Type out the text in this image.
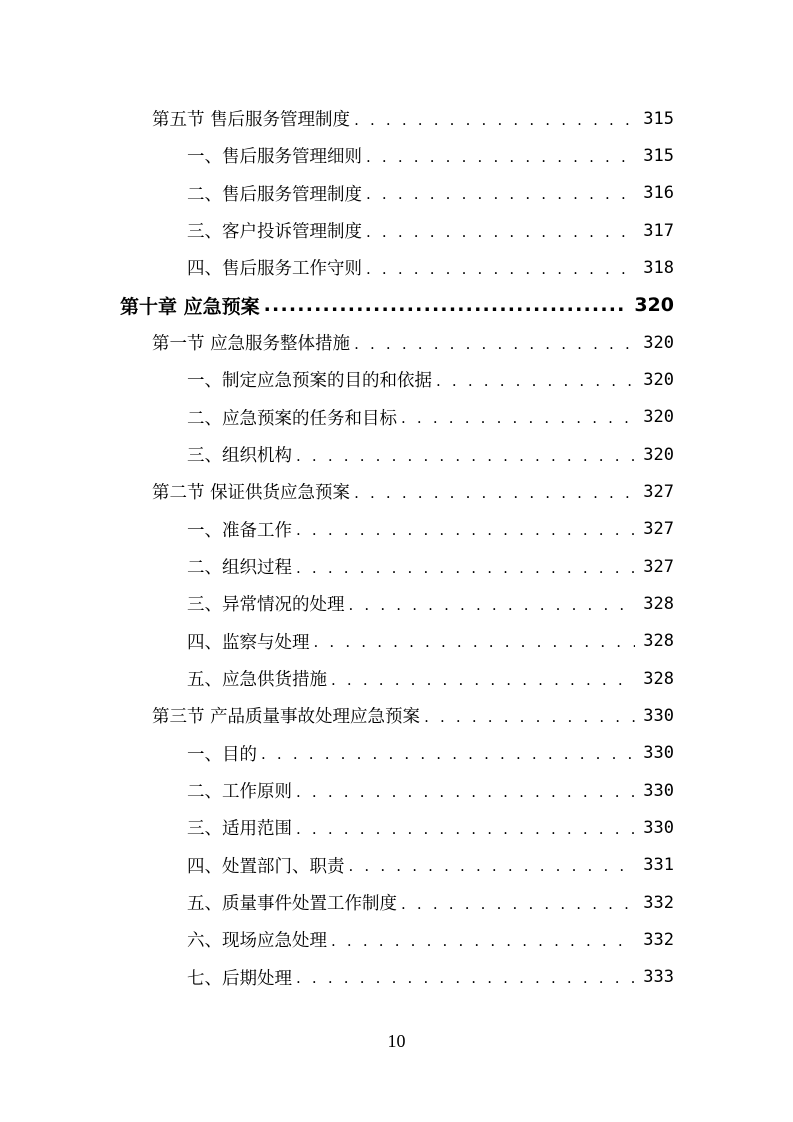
第五节 售后服务管理制度 . . .	315
一、售后服务管理细则 . . .	315
二、售后服务管理制度 . . .	316
三、客户投诉管理制度 . . .	317
四、售后服务工作守则 . . .	318
第十章 应急预案 .....	320
第一节 应急服务整体措施 . . .	320
一、制定应急预案的目的和依据 . . .	320
二、应急预案的任务和目标 . . .	320
三、组织机构 . . .	320
第二节 保证供货应急预案 . . .	327
一、准备工作 . . .	327
二、组织过程 . . .	327
三、异常情况的处理 . . .	328
四、监察与处理 . . .	328
五、应急供货措施 . . .	328
第三节 产品质量事故处理应急预案 . . .	330
一、目的 . . .	330
二、工作原则 . . .	330
三、适用范围 . . .	330
四、处置部门、职责 . . .	331
五、质量事件处置工作制度 . . .	332
六、现场应急处理 . . .	332
七、后期处理 . . .	333
10
